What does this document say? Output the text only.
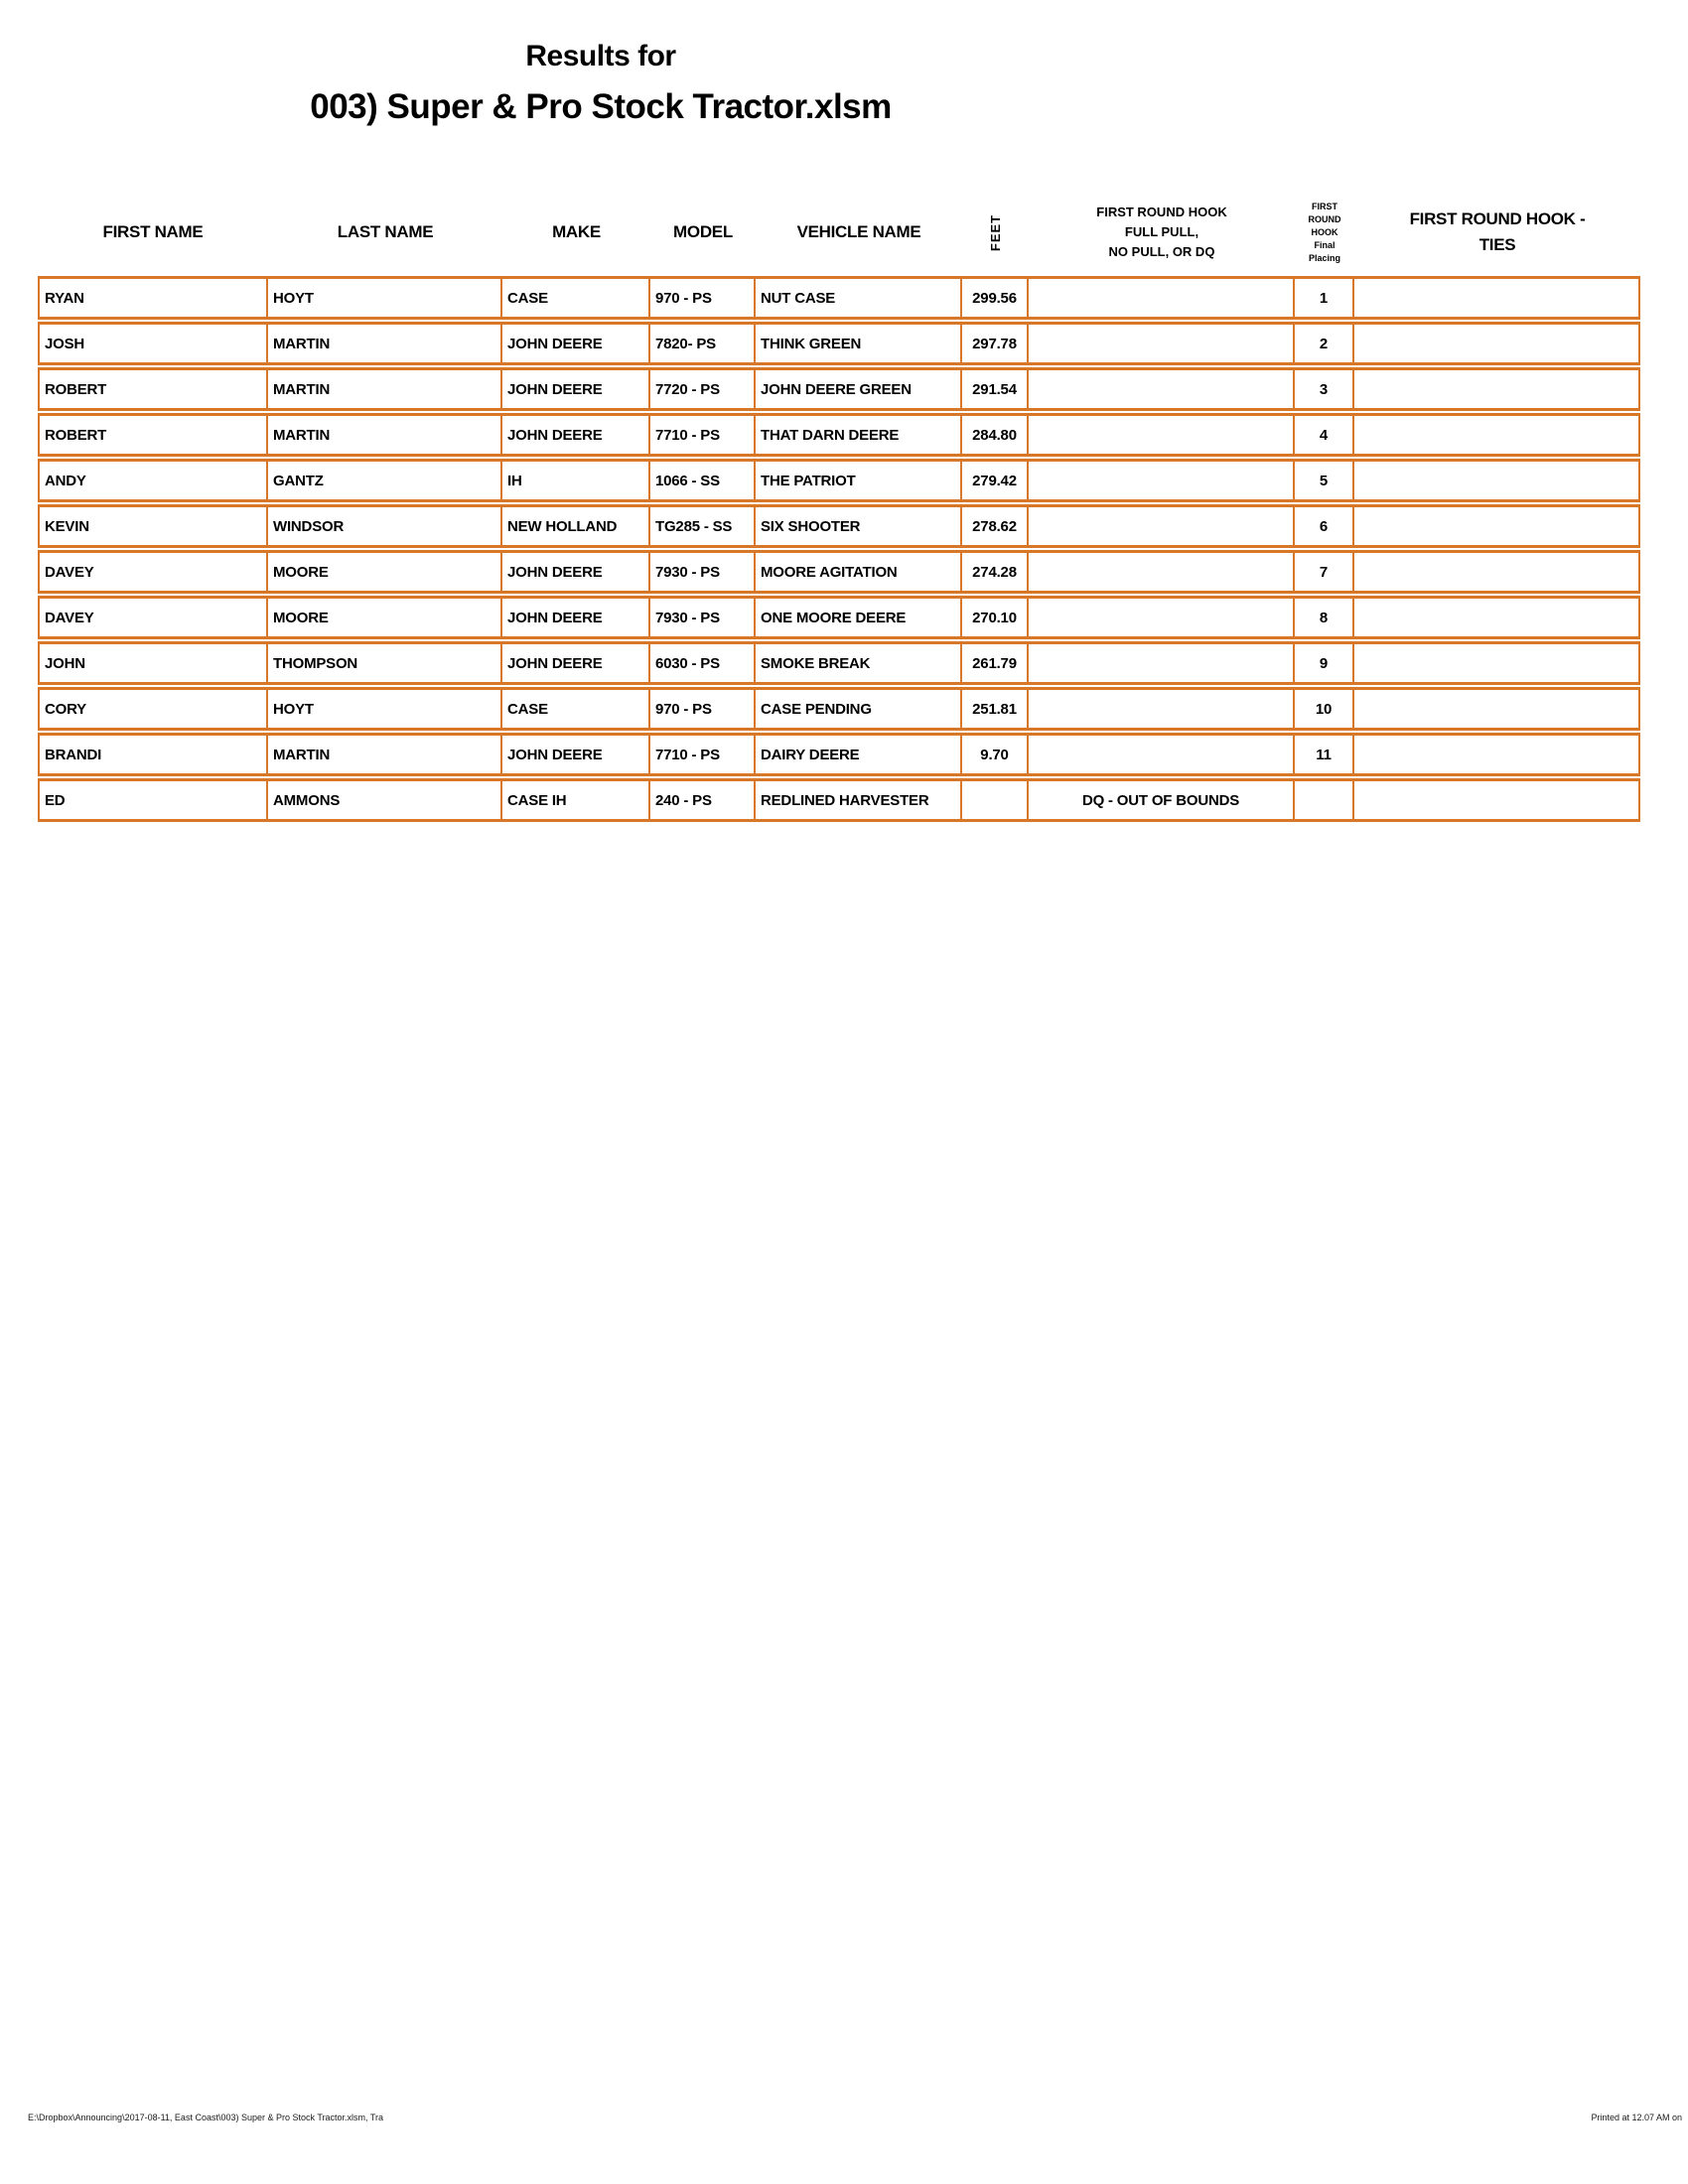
Results for
003) Super & Pro Stock Tractor.xlsm
FIRST NAME	LAST NAME	MAKE	MODEL	VEHICLE NAME	FEET	FIRST ROUND HOOK
FULL PULL,
NO PULL, OR DQ	FIRST
ROUND
HOOK
Final
Placing	FIRST ROUND HOOK -
TIES

RYAN	HOYT	CASE	970 - PS	NUT CASE	299.56		1	
JOSH	MARTIN	JOHN DEERE	7820- PS	THINK GREEN	297.78		2	
ROBERT	MARTIN	JOHN DEERE	7720 - PS	JOHN DEERE GREEN	291.54		3	
ROBERT	MARTIN	JOHN DEERE	7710 - PS	THAT DARN DEERE	284.80		4	
ANDY	GANTZ	IH	1066 - SS	THE PATRIOT	279.42		5	
KEVIN	WINDSOR	NEW HOLLAND	TG285 - SS	SIX SHOOTER	278.62		6	
DAVEY	MOORE	JOHN DEERE	7930 - PS	MOORE AGITATION	274.28		7	
DAVEY	MOORE	JOHN DEERE	7930 - PS	ONE MOORE DEERE	270.10		8	
JOHN	THOMPSON	JOHN DEERE	6030 - PS	SMOKE BREAK	261.79		9	
CORY	HOYT	CASE	970 - PS	CASE PENDING	251.81		10	
BRANDI	MARTIN	JOHN DEERE	7710 - PS	DAIRY DEERE	9.70		11	
ED	AMMONS	CASE IH	240 - PS	REDLINED HARVESTER		DQ - OUT OF BOUNDS		
E:\Dropbox\Announcing\2017-08-11, East Coast\003) Super & Pro Stock Tractor.xlsm, Tra	Printed at 12.07 AM on
